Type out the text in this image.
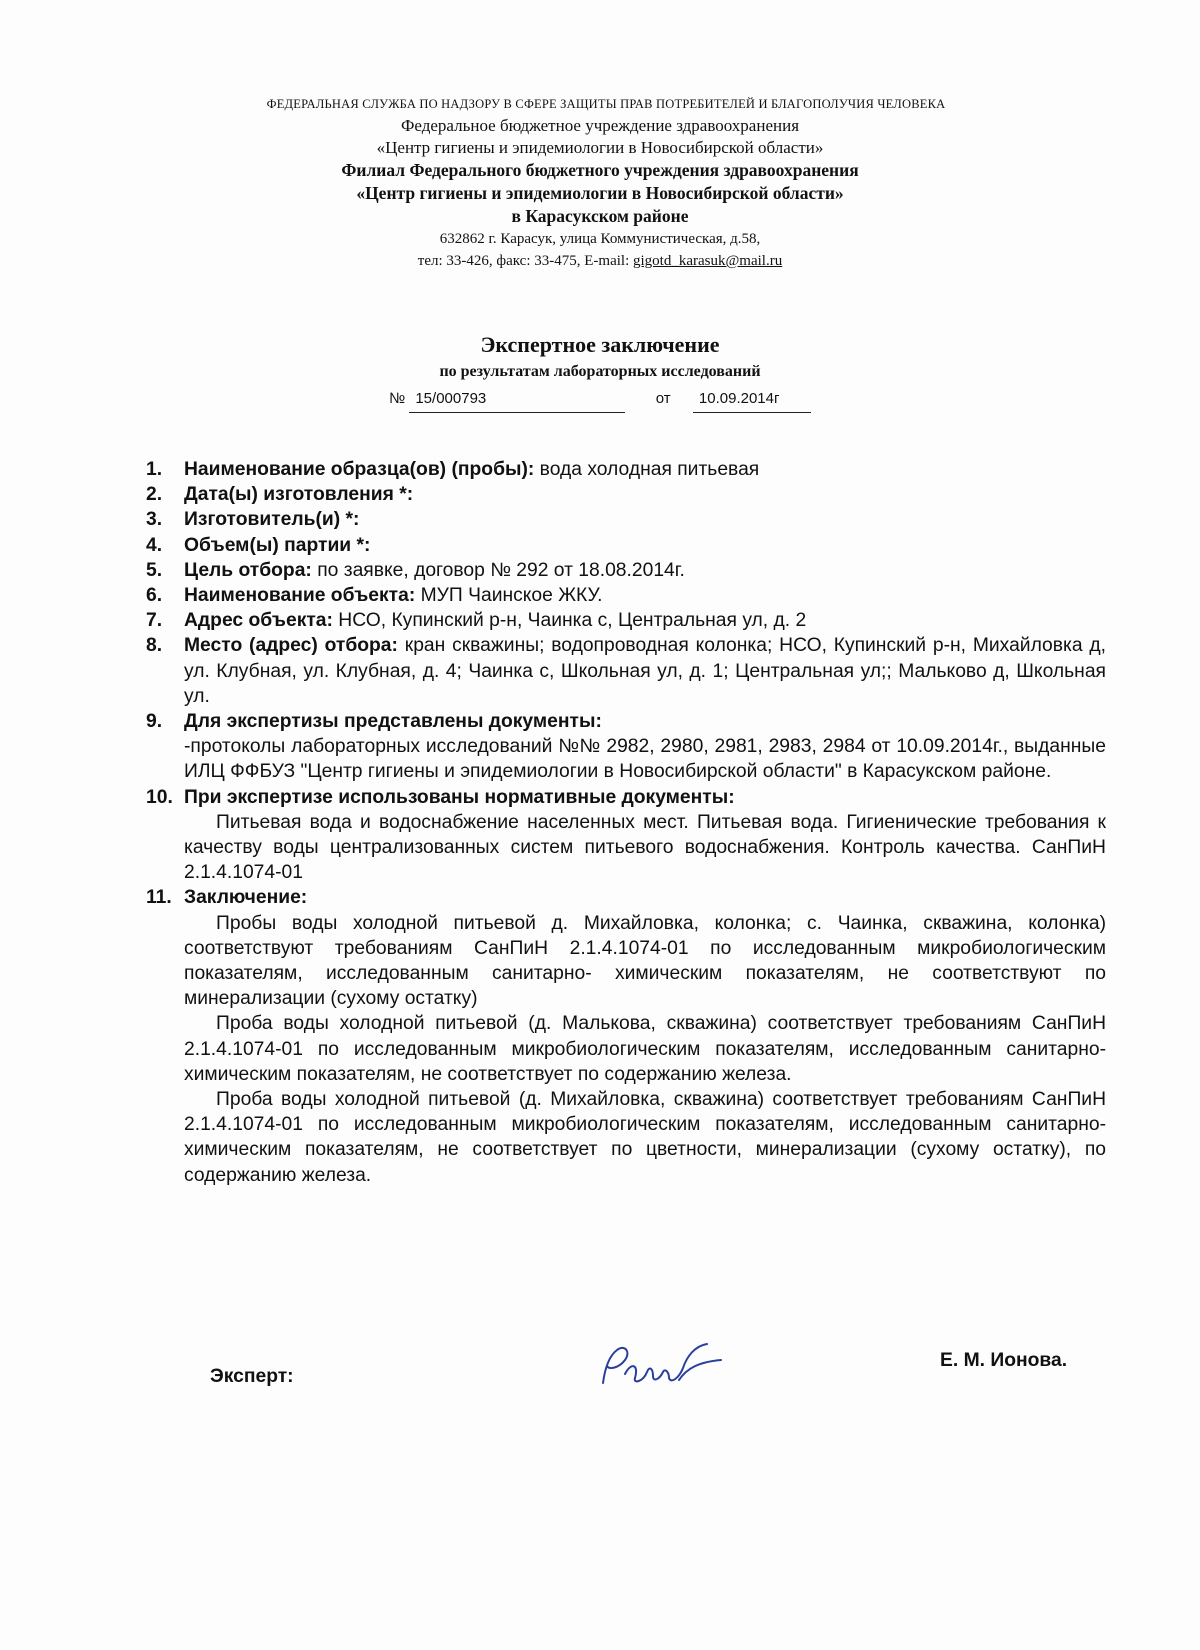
ФЕДЕРАЛЬНАЯ СЛУЖБА ПО НАДЗОРУ В СФЕРЕ ЗАЩИТЫ ПРАВ ПОТРЕБИТЕЛЕЙ И БЛАГОПОЛУЧИЯ ЧЕЛОВЕКА
Федеральное бюджетное учреждение здравоохранения
«Центр гигиены и эпидемиологии в Новосибирской области»
Филиал Федерального бюджетного учреждения здравоохранения
«Центр гигиены и эпидемиологии в Новосибирской области»
в Карасукском районе
632862 г. Карасук, улица Коммунистическая, д.58,
тел: 33-426, факс: 33-475, E-mail: gigotd_karasuk@mail.ru
Экспертное заключение
по результатам лабораторных исследований
№ 15/000793	от 10.09.2014г
1. Наименование образца(ов) (пробы): вода холодная питьевая
2. Дата(ы) изготовления *:
3. Изготовитель(и) *:
4. Объем(ы) партии *:
5. Цель отбора: по заявке, договор № 292 от 18.08.2014г.
6. Наименование объекта: МУП Чаинское ЖКУ.
7. Адрес объекта: НСО, Купинский р-н, Чаинка с, Центральная ул, д. 2
8. Место (адрес) отбора: кран скважины; водопроводная колонка; НСО, Купинский р-н, Михайловка д, ул. Клубная, ул. Клубная, д. 4; Чаинка с, Школьная ул, д. 1; Центральная ул;; Мальково д, Школьная ул.
9. Для экспертизы представлены документы:
-протоколы лабораторных исследований №№ 2982, 2980, 2981, 2983, 2984 от 10.09.2014г., выданные ИЛЦ ФФБУЗ "Центр гигиены и эпидемиологии в Новосибирской области" в Карасукском районе.
10. При экспертизе использованы нормативные документы:
Питьевая вода и водоснабжение населенных мест. Питьевая вода. Гигиенические требования к качеству воды централизованных систем питьевого водоснабжения. Контроль качества. СанПиН 2.1.4.1074-01
11. Заключение:
Пробы воды холодной питьевой д. Михайловка, колонка; с. Чаинка, скважина, колонка) соответствуют требованиям СанПиН 2.1.4.1074-01 по исследованным микробиологическим показателям, исследованным санитарно- химическим показателям, не соответствуют по минерализации (сухому остатку)
Проба воды холодной питьевой (д. Малькова, скважина) соответствует требованиям СанПиН 2.1.4.1074-01 по исследованным микробиологическим показателям, исследованным санитарно- химическим показателям, не соответствует по содержанию железа.
Проба воды холодной питьевой (д. Михайловка, скважина) соответствует требованиям СанПиН 2.1.4.1074-01 по исследованным микробиологическим показателям, исследованным санитарно- химическим показателям, не соответствует по цветности, минерализации (сухому остатку), по содержанию железа.
Эксперт:
Е. М. Ионова.
